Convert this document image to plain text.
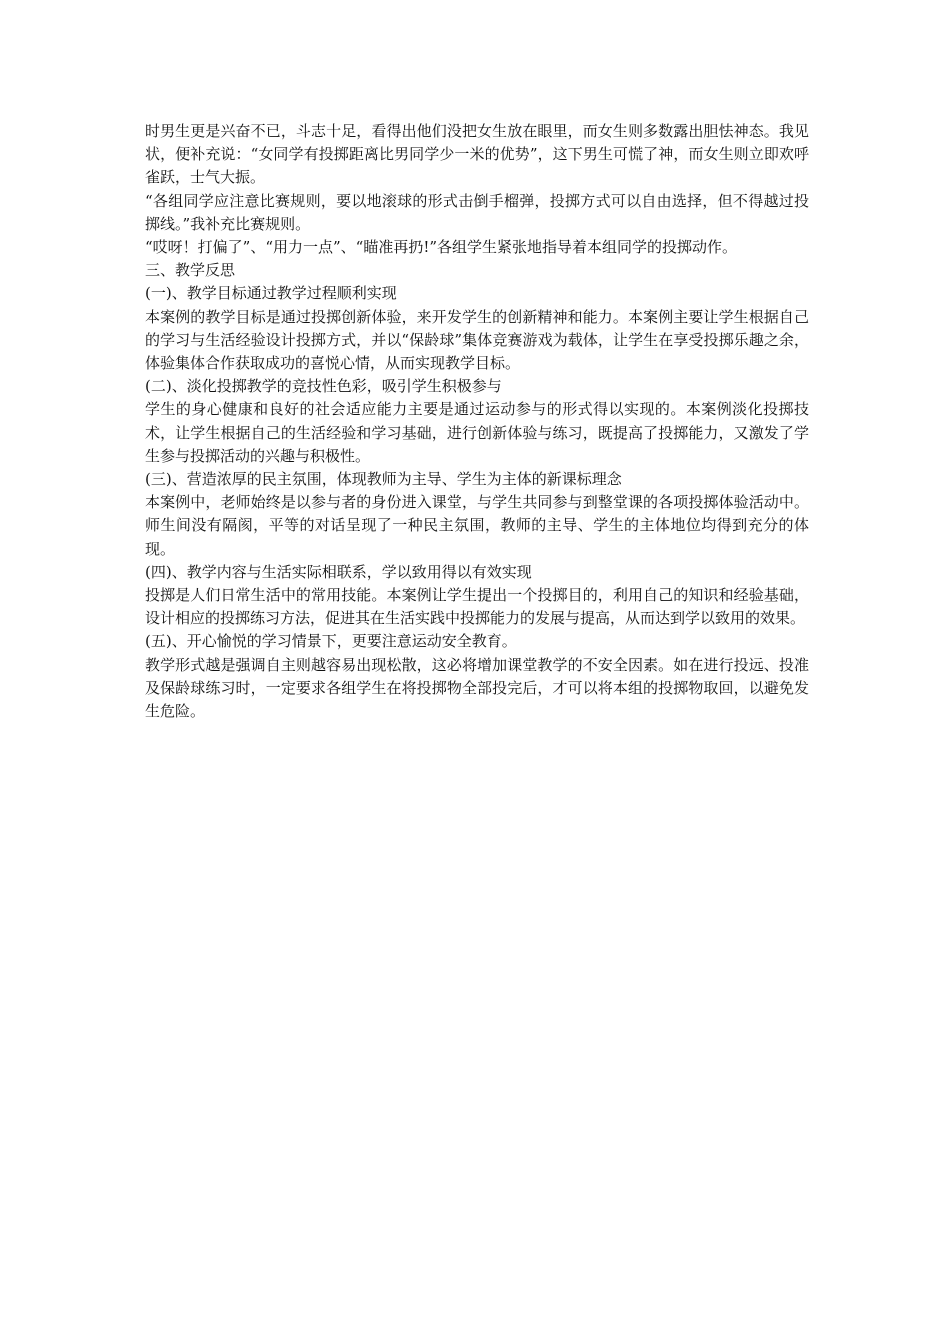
时男生更是兴奋不已，斗志十足，看得出他们没把女生放在眼里，而女生则多数露出胆怯神态。我见状，便补充说：“女同学有投掷距离比男同学少一米的优势”，这下男生可慌了神，而女生则立即欢呼雀跃，士气大振。

“各组同学应注意比赛规则，要以地滚球的形式击倒手榴弹，投掷方式可以自由选择，但不得越过投掷线。”我补充比赛规则。

“哎呀！打偏了”、“用力一点”、“瞄准再扔!”各组学生紧张地指导着本组同学的投掷动作。

三、教学反思

(一)、教学目标通过教学过程顺利实现

本案例的教学目标是通过投掷创新体验，来开发学生的创新精神和能力。本案例主要让学生根据自己的学习与生活经验设计投掷方式，并以“保龄球”集体竞赛游戏为载体，让学生在享受投掷乐趣之余，体验集体合作获取成功的喜悦心情，从而实现教学目标。

(二)、淡化投掷教学的竞技性色彩，吸引学生积极参与

学生的身心健康和良好的社会适应能力主要是通过运动参与的形式得以实现的。本案例淡化投掷技术，让学生根据自己的生活经验和学习基础，进行创新体验与练习，既提高了投掷能力，又激发了学生参与投掷活动的兴趣与积极性。

(三)、营造浓厚的民主氛围，体现教师为主导、学生为主体的新课标理念

本案例中，老师始终是以参与者的身份进入课堂，与学生共同参与到整堂课的各项投掷体验活动中。师生间没有隔阂，平等的对话呈现了一种民主氛围，教师的主导、学生的主体地位均得到充分的体现。

(四)、教学内容与生活实际相联系，学以致用得以有效实现

投掷是人们日常生活中的常用技能。本案例让学生提出一个投掷目的，利用自己的知识和经验基础，设计相应的投掷练习方法，促进其在生活实践中投掷能力的发展与提高，从而达到学以致用的效果。

(五)、开心愉悦的学习情景下，更要注意运动安全教育。

教学形式越是强调自主则越容易出现松散，这必将增加课堂教学的不安全因素。如在进行投远、投准及保龄球练习时，一定要求各组学生在将投掷物全部投完后，才可以将本组的投掷物取回，以避免发生危险。
